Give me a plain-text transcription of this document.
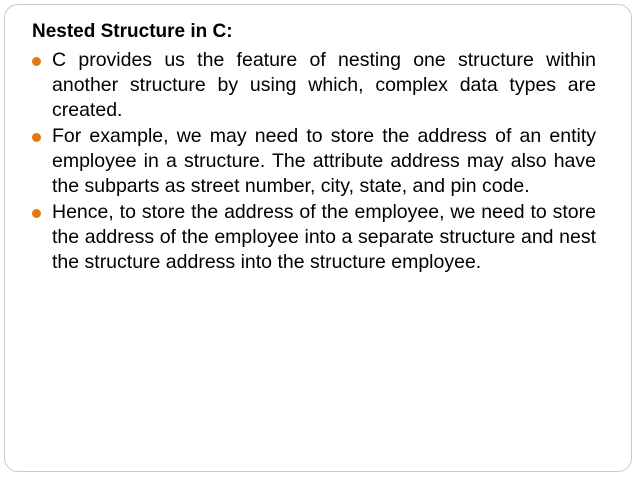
Nested Structure in C:
C provides us the feature of nesting one structure within another structure by using which, complex data types are created.
For example, we may need to store the address of an entity employee in a structure. The attribute address may also have the subparts as street number, city, state, and pin code.
Hence, to store the address of the employee, we need to store the address of the employee into a separate structure and nest the structure address into the structure employee.
